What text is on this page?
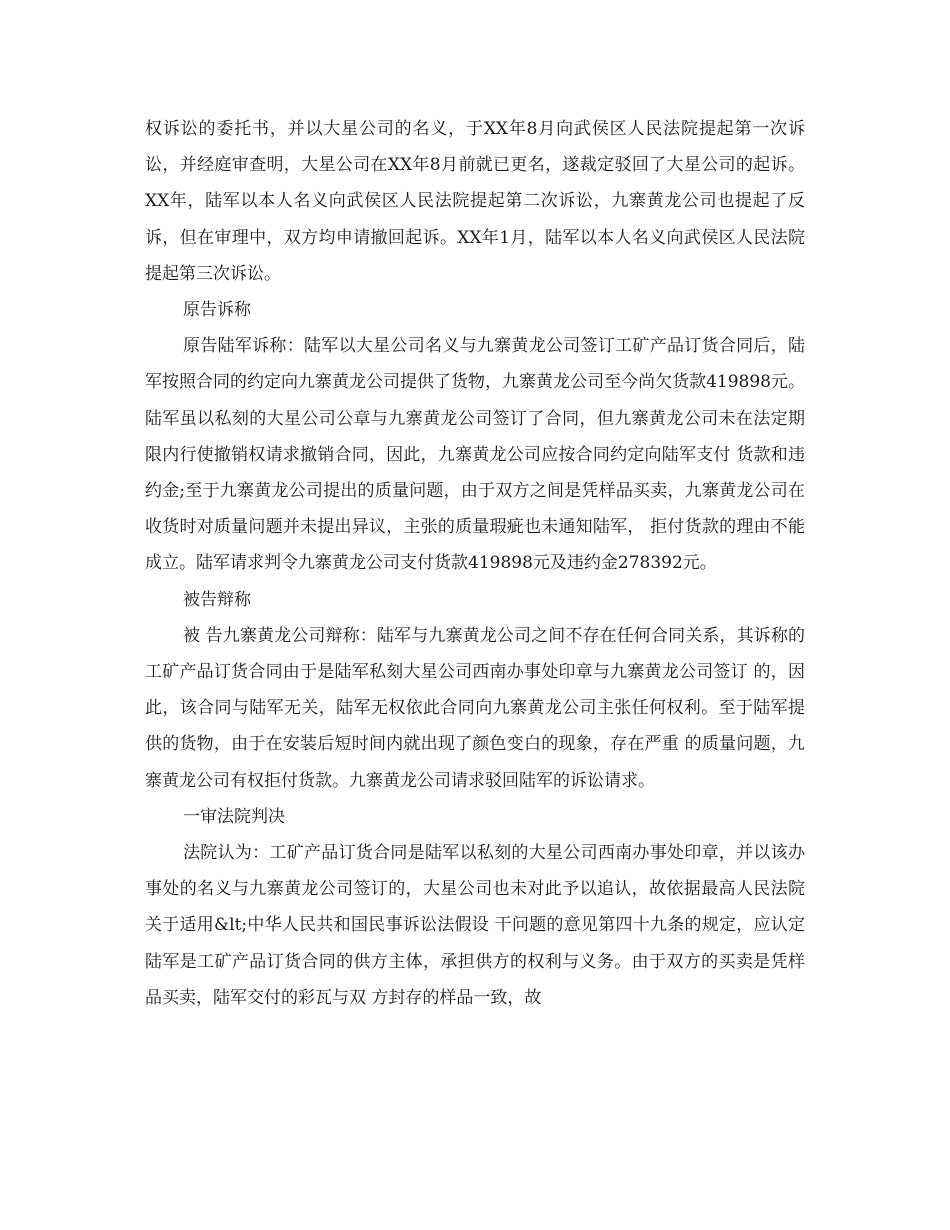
权诉讼的委托书，并以大星公司的名义，于XX年8月向武侯区人民法院提起第一次诉讼，并经庭审查明，大星公司在XX年8月前就已更名，遂裁定驳回了大星公司的起诉。XX年，陆军以本人名义向武侯区人民法院提起第二次诉讼，九寨黄龙公司也提起了反诉，但在审理中，双方均申请撤回起诉。XX年1月，陆军以本人名义向武侯区人民法院提起第三次诉讼。

原告诉称

原告陆军诉称：陆军以大星公司名义与九寨黄龙公司签订工矿产品订货合同后，陆军按照合同的约定向九寨黄龙公司提供了货物，九寨黄龙公司至今尚欠货款419898元。 陆军虽以私刻的大星公司公章与九寨黄龙公司签订了合同，但九寨黄龙公司未在法定期限内行使撤销权请求撤销合同，因此，九寨黄龙公司应按合同约定向陆军支付 货款和违约金;至于九寨黄龙公司提出的质量问题，由于双方之间是凭样品买卖，九寨黄龙公司在收货时对质量问题并未提出异议，主张的质量瑕疵也未通知陆军， 拒付货款的理由不能成立。陆军请求判令九寨黄龙公司支付货款419898元及违约金278392元。

被告辩称

被 告九寨黄龙公司辩称：陆军与九寨黄龙公司之间不存在任何合同关系，其诉称的工矿产品订货合同由于是陆军私刻大星公司西南办事处印章与九寨黄龙公司签订 的，因此，该合同与陆军无关，陆军无权依此合同向九寨黄龙公司主张任何权利。至于陆军提供的货物，由于在安装后短时间内就出现了颜色变白的现象，存在严重 的质量问题，九寨黄龙公司有权拒付货款。九寨黄龙公司请求驳回陆军的诉讼请求。

一审法院判决

法院认为：工矿产品订货合同是陆军以私刻的大星公司西南办事处印章，并以该办事处的名义与九寨黄龙公司签订的，大星公司也未对此予以追认，故依据最高人民法院关于适用&lt;中华人民共和国民事诉讼法假设 干问题的意见第四十九条的规定，应认定陆军是工矿产品订货合同的供方主体，承担供方的权利与义务。由于双方的买卖是凭样品买卖，陆军交付的彩瓦与双 方封存的样品一致，故
